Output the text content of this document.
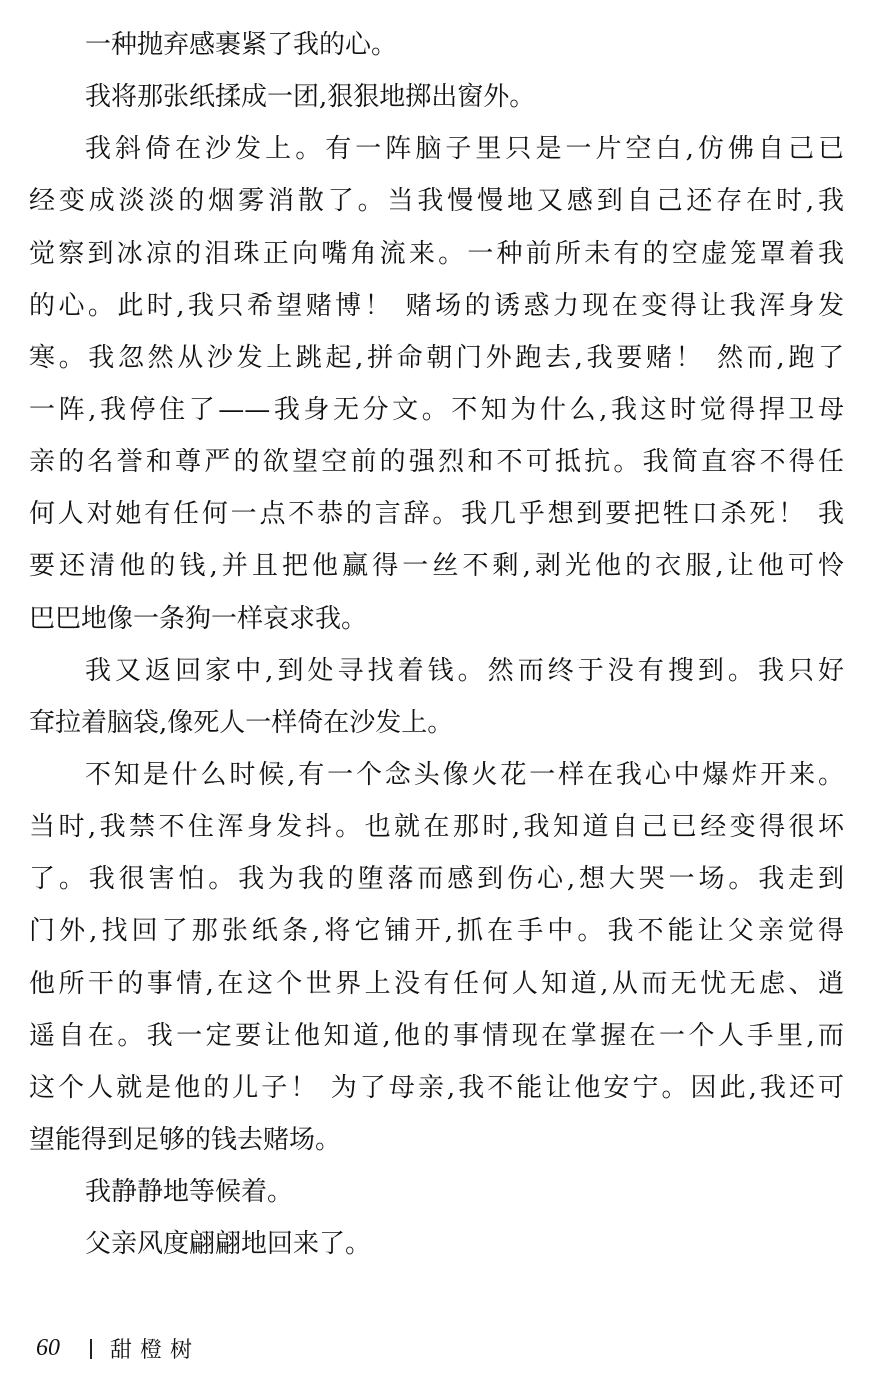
一种抛弃感裹紧了我的心。
我将那张纸揉成一团,狠狠地掷出窗外。
我斜倚在沙发上。有一阵脑子里只是一片空白,仿佛自己已
经变成淡淡的烟雾消散了。当我慢慢地又感到自己还存在时,我
觉察到冰凉的泪珠正向嘴角流来。一种前所未有的空虚笼罩着我
的心。此时,我只希望赌博！ 赌场的诱惑力现在变得让我浑身发
寒。我忽然从沙发上跳起,拼命朝门外跑去,我要赌！ 然而,跑了
一阵,我停住了——我身无分文。不知为什么,我这时觉得捍卫母
亲的名誉和尊严的欲望空前的强烈和不可抵抗。我简直容不得任
何人对她有任何一点不恭的言辞。我几乎想到要把牲口杀死！ 我
要还清他的钱,并且把他赢得一丝不剩,剥光他的衣服,让他可怜
巴巴地像一条狗一样哀求我。
我又返回家中,到处寻找着钱。然而终于没有搜到。我只好
耷拉着脑袋,像死人一样倚在沙发上。
不知是什么时候,有一个念头像火花一样在我心中爆炸开来。
当时,我禁不住浑身发抖。也就在那时,我知道自己已经变得很坏
了。我很害怕。我为我的堕落而感到伤心,想大哭一场。我走到
门外,找回了那张纸条,将它铺开,抓在手中。我不能让父亲觉得
他所干的事情,在这个世界上没有任何人知道,从而无忧无虑、逍
遥自在。我一定要让他知道,他的事情现在掌握在一个人手里,而
这个人就是他的儿子！ 为了母亲,我不能让他安宁。因此,我还可
望能得到足够的钱去赌场。
我静静地等候着。
父亲风度翩翩地回来了。
60	甜橙树
